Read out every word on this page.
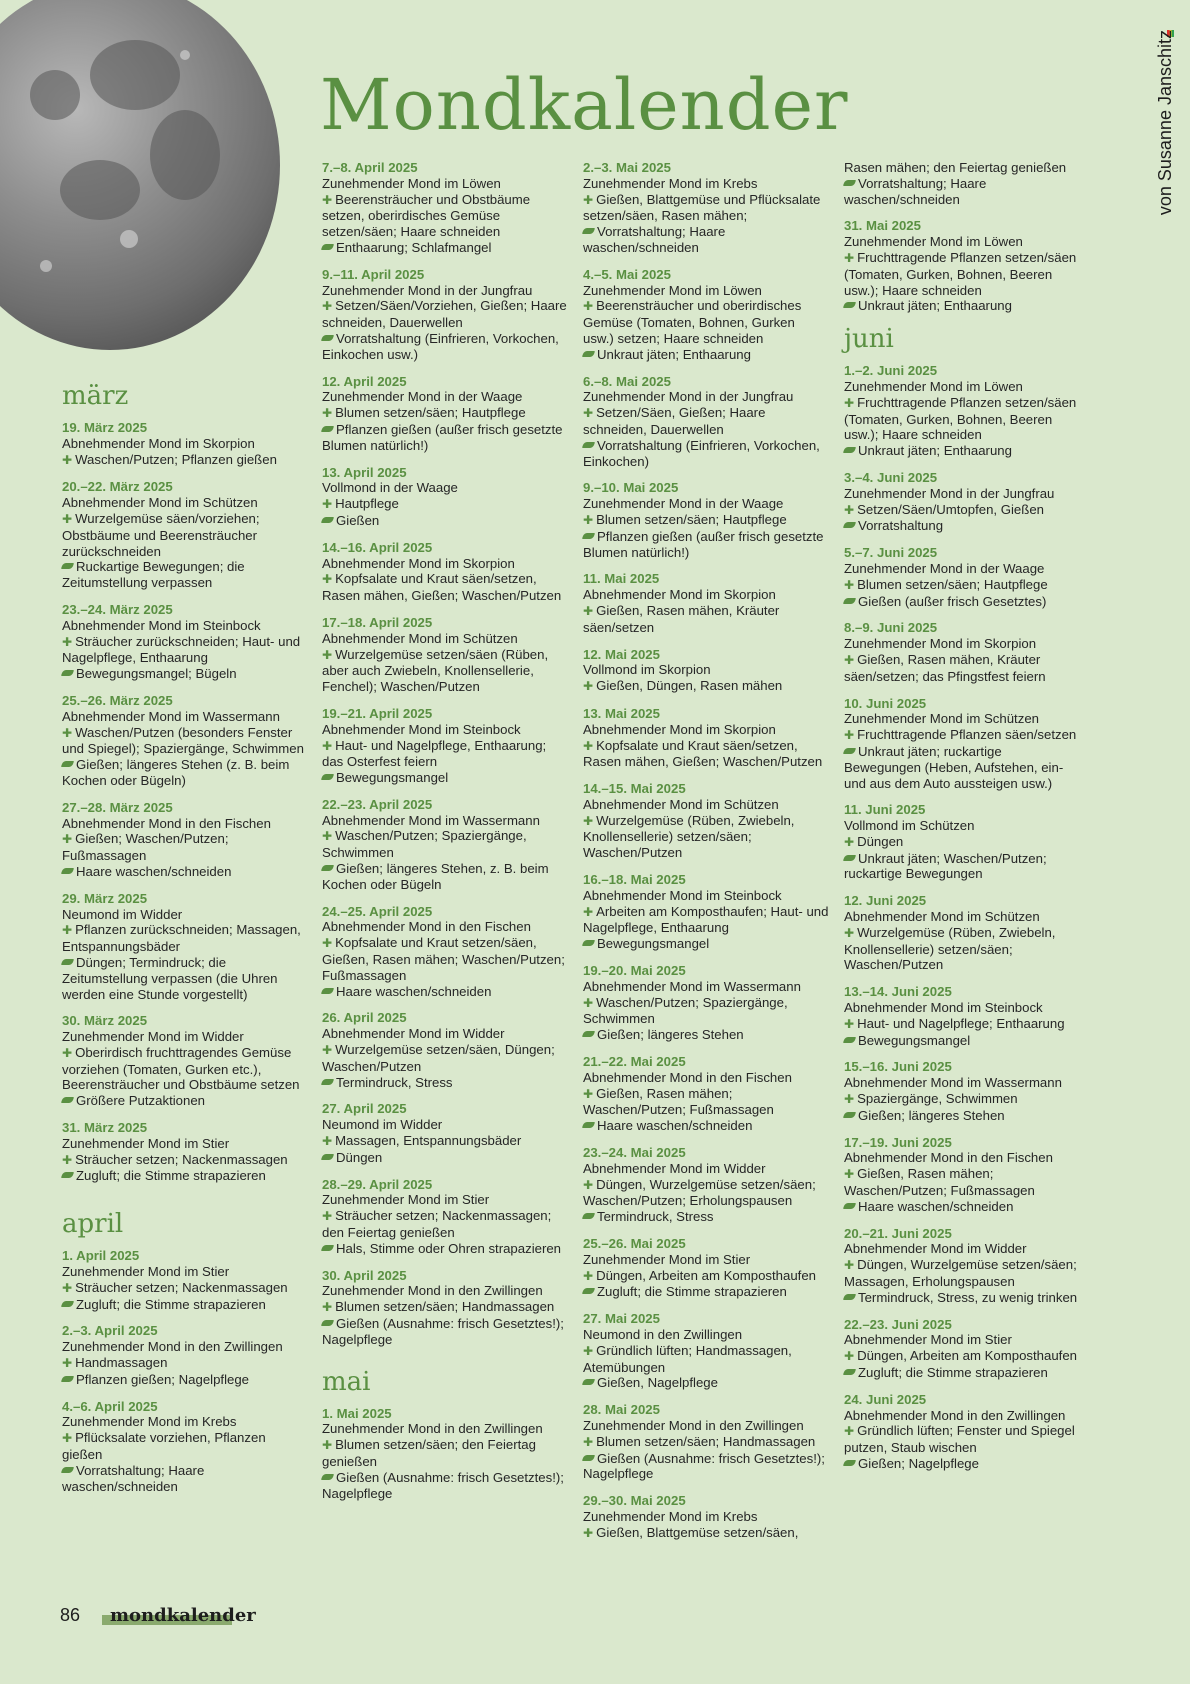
Mondkalender	von Susanne Janschitz
märz
19. März 2025
Abnehmender Mond im Skorpion
✚ Waschen/Putzen; Pflanzen gießen
20.–22. März 2025
Abnehmender Mond im Schützen
✚ Wurzelgemüse säen/vorziehen; Obstbäume und Beerensträucher zurückschneiden
Ruckartige Bewegungen; die Zeitumstellung verpassen
23.–24. März 2025
Abnehmender Mond im Steinbock
✚ Sträucher zurückschneiden; Haut- und Nagelpflege, Enthaarung
Bewegungsmangel; Bügeln
25.–26. März 2025
Abnehmender Mond im Wassermann
✚ Waschen/Putzen (besonders Fenster und Spiegel); Spaziergänge, Schwimmen
Gießen; längeres Stehen (z. B. beim Kochen oder Bügeln)
27.–28. März 2025
Abnehmender Mond in den Fischen
✚ Gießen; Waschen/Putzen; Fußmassagen
Haare waschen/schneiden
29. März 2025
Neumond im Widder
✚ Pflanzen zurückschneiden; Massagen, Entspannungsbäder
Düngen; Termindruck; die Zeitumstellung verpassen (die Uhren werden eine Stunde vorgestellt)
30. März 2025
Zunehmender Mond im Widder
✚ Oberirdisch fruchttragendes Gemüse vorziehen (Tomaten, Gurken etc.), Beerensträucher und Obstbäume setzen
Größere Putzaktionen
31. März 2025
Zunehmender Mond im Stier
✚ Sträucher setzen; Nackenmassagen
Zugluft; die Stimme strapazieren
april
1. April 2025
Zunehmender Mond im Stier
✚ Sträucher setzen; Nackenmassagen
Zugluft; die Stimme strapazieren
2.–3. April 2025
Zunehmender Mond in den Zwillingen
✚ Handmassagen
Pflanzen gießen; Nagelpflege
4.–6. April 2025
Zunehmender Mond im Krebs
✚ Pflücksalate vorziehen, Pflanzen gießen
Vorratshaltung; Haare waschen/schneiden
7.–8. April 2025
Zunehmender Mond im Löwen
✚ Beerensträucher und Obstbäume setzen, oberirdisches Gemüse setzen/säen; Haare schneiden
Enthaarung; Schlafmangel
9.–11. April 2025
Zunehmender Mond in der Jungfrau
✚ Setzen/Säen/Vorziehen, Gießen; Haare schneiden, Dauerwellen
Vorratshaltung (Einfrieren, Vorkochen, Einkochen usw.)
12. April 2025
Zunehmender Mond in der Waage
✚ Blumen setzen/säen; Hautpflege
Pflanzen gießen (außer frisch gesetzte Blumen natürlich!)
13. April 2025
Vollmond in der Waage
✚ Hautpflege
Gießen
14.–16. April 2025
Abnehmender Mond im Skorpion
✚ Kopfsalate und Kraut säen/setzen, Rasen mähen, Gießen; Waschen/Putzen
17.–18. April 2025
Abnehmender Mond im Schützen
✚ Wurzelgemüse setzen/säen (Rüben, aber auch Zwiebeln, Knollensellerie, Fenchel); Waschen/Putzen
19.–21. April 2025
Abnehmender Mond im Steinbock
✚ Haut- und Nagelpflege, Enthaarung; das Osterfest feiern
Bewegungsmangel
22.–23. April 2025
Abnehmender Mond im Wassermann
✚ Waschen/Putzen; Spaziergänge, Schwimmen
Gießen; längeres Stehen, z. B. beim Kochen oder Bügeln
24.–25. April 2025
Abnehmender Mond in den Fischen
✚ Kopfsalate und Kraut setzen/säen, Gießen, Rasen mähen; Waschen/Putzen; Fußmassagen
Haare waschen/schneiden
26. April 2025
Abnehmender Mond im Widder
✚ Wurzelgemüse setzen/säen, Düngen; Waschen/Putzen
Termindruck, Stress
27. April 2025
Neumond im Widder
✚ Massagen, Entspannungsbäder
Düngen
28.–29. April 2025
Zunehmender Mond im Stier
✚ Sträucher setzen; Nackenmassagen; den Feiertag genießen
Hals, Stimme oder Ohren strapazieren
30. April 2025
Zunehmender Mond in den Zwillingen
✚ Blumen setzen/säen; Handmassagen
Gießen (Ausnahme: frisch Gesetztes!); Nagelpflege
mai
1. Mai 2025
Zunehmender Mond in den Zwillingen
✚ Blumen setzen/säen; den Feiertag genießen
Gießen (Ausnahme: frisch Gesetztes!); Nagelpflege
2.–3. Mai 2025
Zunehmender Mond im Krebs
✚ Gießen, Blattgemüse und Pflücksalate setzen/säen, Rasen mähen;
Vorratshaltung; Haare waschen/schneiden
4.–5. Mai 2025
Zunehmender Mond im Löwen
✚ Beerensträucher und oberirdisches Gemüse (Tomaten, Bohnen, Gurken usw.) setzen; Haare schneiden
Unkraut jäten; Enthaarung
6.–8. Mai 2025
Zunehmender Mond in der Jungfrau
✚ Setzen/Säen, Gießen; Haare schneiden, Dauerwellen
Vorratshaltung (Einfrieren, Vorkochen, Einkochen)
9.–10. Mai 2025
Zunehmender Mond in der Waage
✚ Blumen setzen/säen; Hautpflege
Pflanzen gießen (außer frisch gesetzte Blumen natürlich!)
11. Mai 2025
Abnehmender Mond im Skorpion
✚ Gießen, Rasen mähen, Kräuter säen/setzen
12. Mai 2025
Vollmond im Skorpion
✚ Gießen, Düngen, Rasen mähen
13. Mai 2025
Abnehmender Mond im Skorpion
✚ Kopfsalate und Kraut säen/setzen, Rasen mähen, Gießen; Waschen/Putzen
14.–15. Mai 2025
Abnehmender Mond im Schützen
✚ Wurzelgemüse (Rüben, Zwiebeln, Knollensellerie) setzen/säen; Waschen/Putzen
16.–18. Mai 2025
Abnehmender Mond im Steinbock
✚ Arbeiten am Komposthaufen; Haut- und Nagelpflege, Enthaarung
Bewegungsmangel
19.–20. Mai 2025
Abnehmender Mond im Wassermann
✚ Waschen/Putzen; Spaziergänge, Schwimmen
Gießen; längeres Stehen
21.–22. Mai 2025
Abnehmender Mond in den Fischen
✚ Gießen, Rasen mähen; Waschen/Putzen; Fußmassagen
Haare waschen/schneiden
23.–24. Mai 2025
Abnehmender Mond im Widder
✚ Düngen, Wurzelgemüse setzen/säen; Waschen/Putzen; Erholungspausen
Termindruck, Stress
25.–26. Mai 2025
Zunehmender Mond im Stier
✚ Düngen, Arbeiten am Komposthaufen
Zugluft; die Stimme strapazieren
27. Mai 2025
Neumond in den Zwillingen
✚ Gründlich lüften; Handmassagen, Atemübungen
Gießen, Nagelpflege
28. Mai 2025
Zunehmender Mond in den Zwillingen
✚ Blumen setzen/säen; Handmassagen
Gießen (Ausnahme: frisch Gesetztes!); Nagelpflege
29.–30. Mai 2025
Zunehmender Mond im Krebs
✚ Gießen, Blattgemüse setzen/säen,
Rasen mähen; den Feiertag genießen
Vorratshaltung; Haare waschen/schneiden
31. Mai 2025
Zunehmender Mond im Löwen
✚ Fruchttragende Pflanzen setzen/säen (Tomaten, Gurken, Bohnen, Beeren usw.); Haare schneiden
Unkraut jäten; Enthaarung
juni
1.–2. Juni 2025
Zunehmender Mond im Löwen
✚ Fruchttragende Pflanzen setzen/säen (Tomaten, Gurken, Bohnen, Beeren usw.); Haare schneiden
Unkraut jäten; Enthaarung
3.–4. Juni 2025
Zunehmender Mond in der Jungfrau
✚ Setzen/Säen/Umtopfen, Gießen
Vorratshaltung
5.–7. Juni 2025
Zunehmender Mond in der Waage
✚ Blumen setzen/säen; Hautpflege
Gießen (außer frisch Gesetztes)
8.–9. Juni 2025
Zunehmender Mond im Skorpion
✚ Gießen, Rasen mähen, Kräuter säen/setzen; das Pfingstfest feiern
10. Juni 2025
Zunehmender Mond im Schützen
✚ Fruchttragende Pflanzen säen/setzen
Unkraut jäten; ruckartige Bewegungen (Heben, Aufstehen, ein- und aus dem Auto aussteigen usw.)
11. Juni 2025
Vollmond im Schützen
✚ Düngen
Unkraut jäten; Waschen/Putzen; ruckartige Bewegungen
12. Juni 2025
Abnehmender Mond im Schützen
✚ Wurzelgemüse (Rüben, Zwiebeln, Knollensellerie) setzen/säen; Waschen/Putzen
13.–14. Juni 2025
Abnehmender Mond im Steinbock
✚ Haut- und Nagelpflege; Enthaarung
Bewegungsmangel
15.–16. Juni 2025
Abnehmender Mond im Wassermann
✚ Spaziergänge, Schwimmen
Gießen; längeres Stehen
17.–19. Juni 2025
Abnehmender Mond in den Fischen
✚ Gießen, Rasen mähen; Waschen/Putzen; Fußmassagen
Haare waschen/schneiden
20.–21. Juni 2025
Abnehmender Mond im Widder
✚ Düngen, Wurzelgemüse setzen/säen; Massagen, Erholungspausen
Termindruck, Stress, zu wenig trinken
22.–23. Juni 2025
Abnehmender Mond im Stier
✚ Düngen, Arbeiten am Komposthaufen
Zugluft; die Stimme strapazieren
24. Juni 2025
Abnehmender Mond in den Zwillingen
✚ Gründlich lüften; Fenster und Spiegel putzen, Staub wischen
Gießen; Nagelpflege
86 mondkalender
